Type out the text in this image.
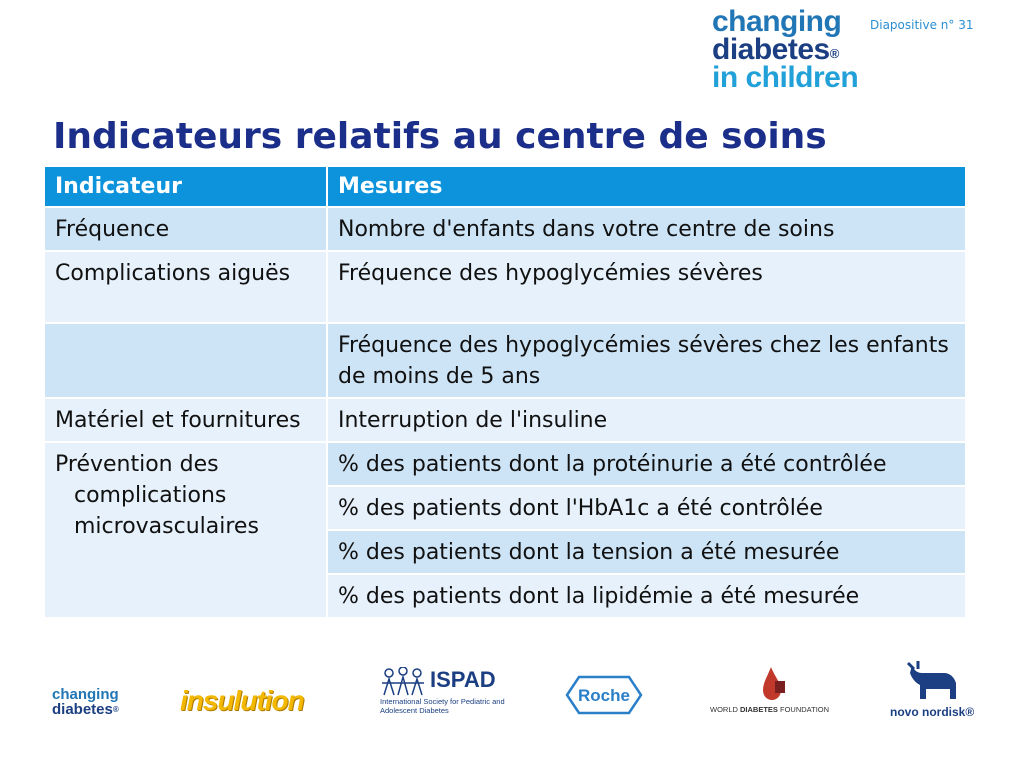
Diapositive n° 31
changing
diabetes®
in children
Indicateurs relatifs au centre de soins
Indicateur	Mesures
Fréquence	Nombre d'enfants dans votre centre de soins
Complications aiguës	Fréquence des hypoglycémies sévères
	Fréquence des hypoglycémies sévères chez les enfants de moins de 5 ans
Matériel et fournitures	Interruption de l'insuline

Prévention des complications microvasculaires	% des patients dont la protéinurie a été contrôlée
	% des patients dont l'HbA1c a été contrôlée
	% des patients dont la tension a été mesurée
	% des patients dont la lipidémie a été mesurée
changing
diabetes® insulution
ISPAD
International Society for Pediatric and Adolescent Diabetes
Roche
WORLD DIABETES FOUNDATION	novo nordisk®
